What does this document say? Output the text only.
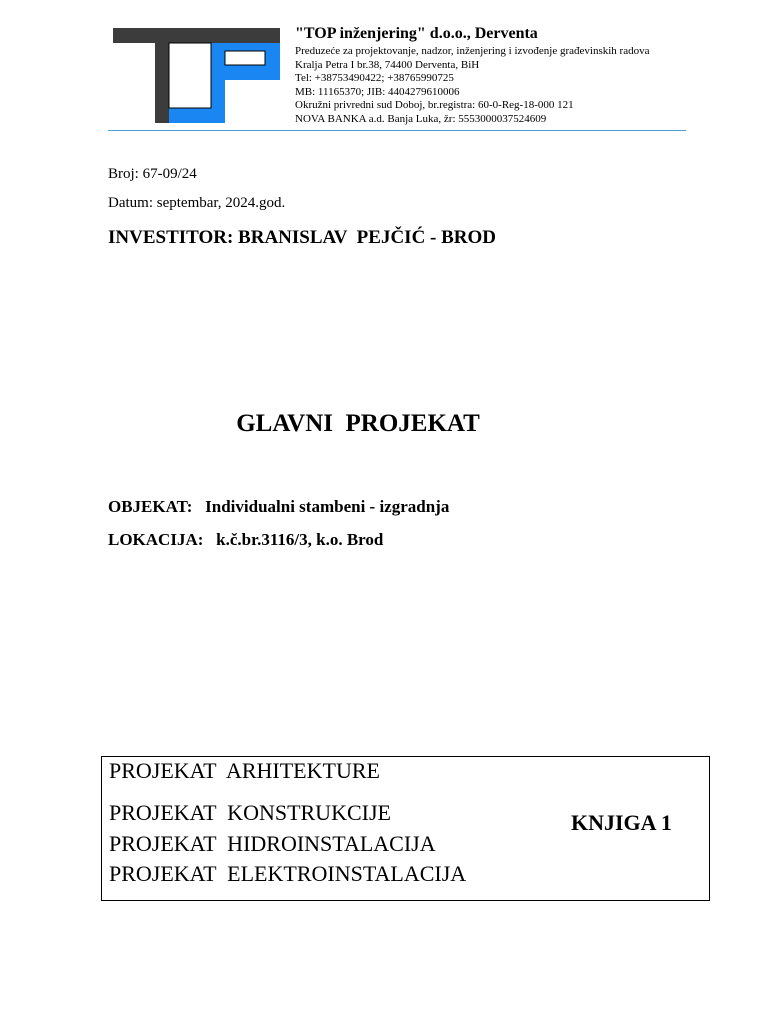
"TOP inženjering" d.o.o., Derventa
Preduzeće za projektovanje, nadzor, inženjering i izvođenje građevinskih radova
Kralja Petra I br.38, 74400 Derventa, BiH
Tel: +38753490422; +38765990725
MB: 11165370; JIB: 4404279610006
Okružni privredni sud Doboj, br.registra: 60-0-Reg-18-000 121
NOVA BANKA a.d. Banja Luka, žr: 5553000037524609
Broj: 67-09/24
Datum: septembar, 2024.god.
INVESTITOR: BRANISLAV  PEJČIĆ - BROD
GLAVNI  PROJEKAT
OBJEKAT: Individualni stambeni - izgradnja
LOKACIJA: k.č.br.3116/3, k.o. Brod
PROJEKAT  ARHITEKTURE
PROJEKAT  KONSTRUKCIJE
PROJEKAT  HIDROINSTALACIJA
PROJEKAT  ELEKTROINSTALACIJA
KNJIGA 1
